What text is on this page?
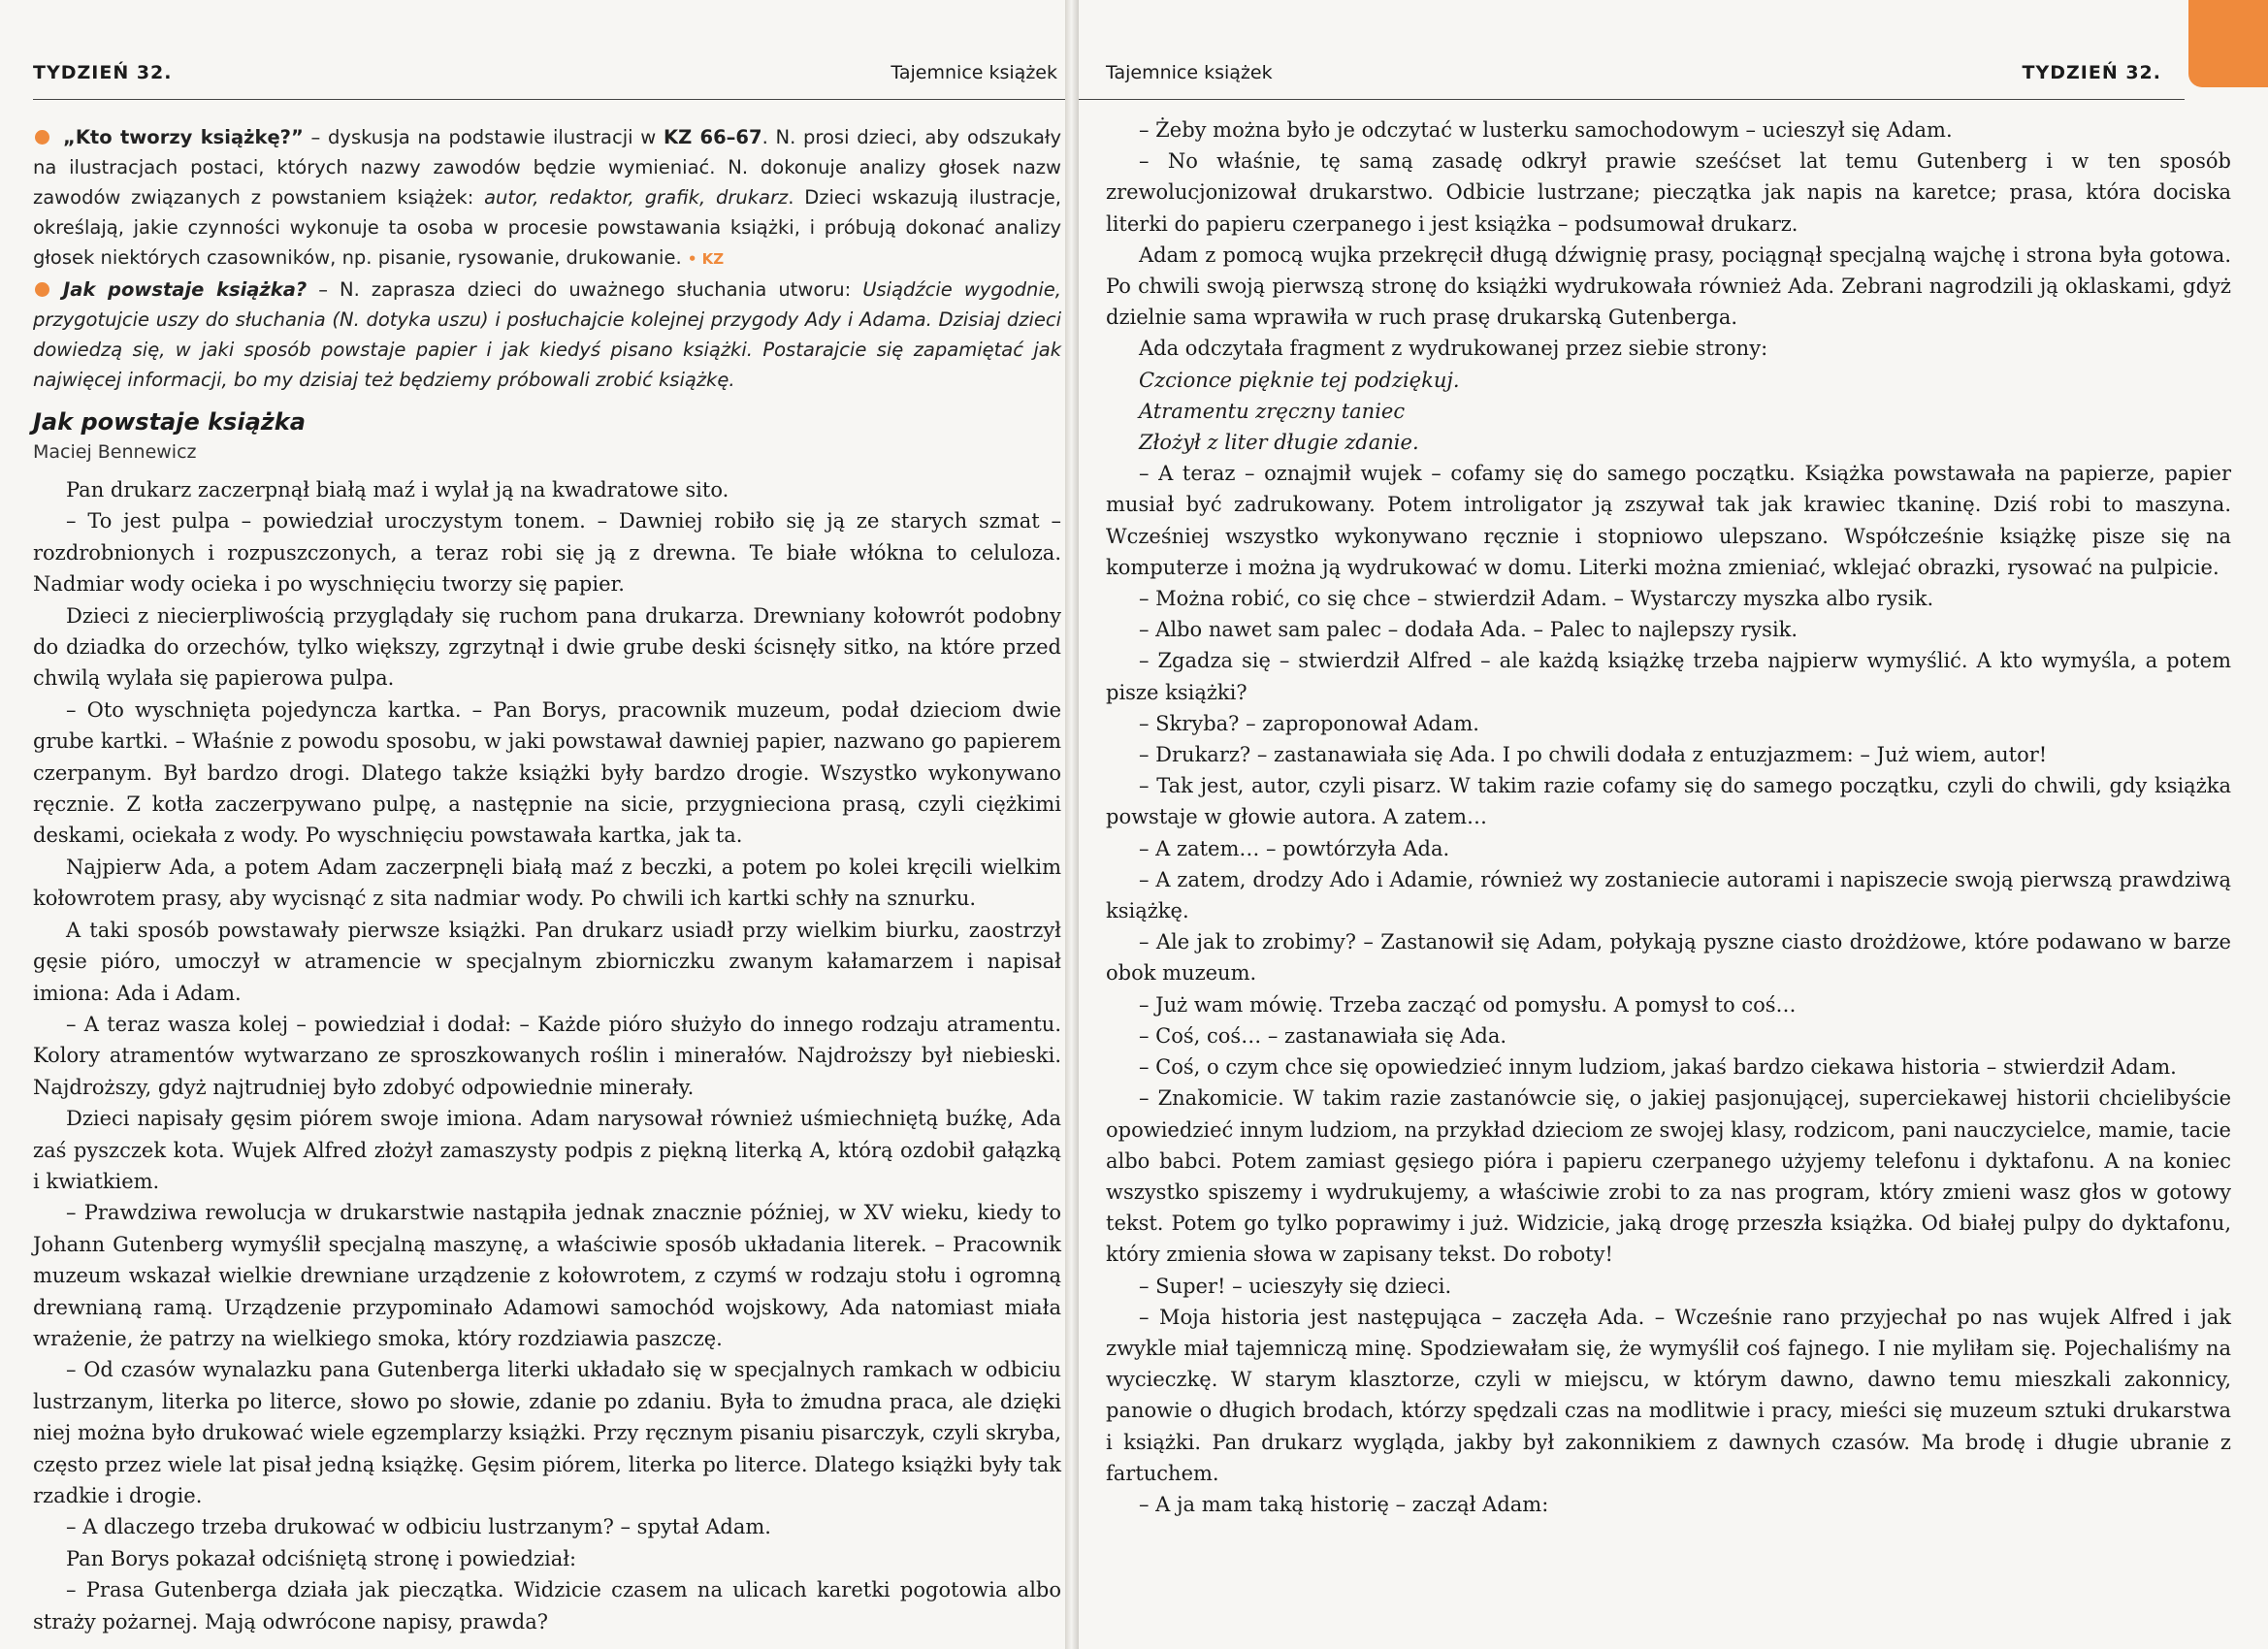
TYDZIEŃ 32.	Tajemnice książek

„Kto tworzy książkę?” – dyskusja na podstawie ilustracji w KZ 66–67. N. prosi dzieci, aby odszukały na ilustracjach postaci, których nazwy zawodów będzie wymieniać. N. dokonuje analizy głosek nazw zawodów związanych z powstaniem książek: autor, redaktor, grafik, drukarz. Dzieci wskazują ilustracje, określają, jakie czynności wykonuje ta osoba w procesie powstawania książki, i próbują dokonać analizy głosek niektórych czasowników, np. pisanie, rysowanie, drukowanie. • KZ

Jak powstaje książka? – N. zaprasza dzieci do uważnego słuchania utworu: Usiądźcie wygodnie, przygotujcie uszy do słuchania (N. dotyka uszu) i posłuchajcie kolejnej przygody Ady i Adama. Dzisiaj dzieci dowiedzą się, w jaki sposób powstaje papier i jak kiedyś pisano książki. Postarajcie się zapamiętać jak najwięcej informacji, bo my dzisiaj też będziemy próbowali zrobić książkę.

Jak powstaje książka
Maciej Bennewicz

Pan drukarz zaczerpnął białą maź i wylał ją na kwadratowe sito.

– To jest pulpa – powiedział uroczystym tonem. – Dawniej robiło się ją ze starych szmat – rozdrobnionych i rozpuszczonych, a teraz robi się ją z drewna. Te białe włókna to celuloza. Nadmiar wody ocieka i po wyschnięciu tworzy się papier.

Dzieci z niecierpliwością przyglądały się ruchom pana drukarza. Drewniany kołowrót podobny do dziadka do orzechów, tylko większy, zgrzytnął i dwie grube deski ścisnęły sitko, na które przed chwilą wylała się papierowa pulpa.

– Oto wyschnięta pojedyncza kartka. – Pan Borys, pracownik muzeum, podał dzieciom dwie grube kartki. – Właśnie z powodu sposobu, w jaki powstawał dawniej papier, nazwano go papierem czerpanym. Był bardzo drogi. Dlatego także książki były bardzo drogie. Wszystko wykonywano ręcznie. Z kotła zaczerpywano pulpę, a następnie na sicie, przygnieciona prasą, czyli ciężkimi deskami, ociekała z wody. Po wyschnięciu powstawała kartka, jak ta.

Najpierw Ada, a potem Adam zaczerpnęli białą maź z beczki, a potem po kolei kręcili wielkim kołowrotem prasy, aby wycisnąć z sita nadmiar wody. Po chwili ich kartki schły na sznurku.

A taki sposób powstawały pierwsze książki. Pan drukarz usiadł przy wielkim biurku, zaostrzył gęsie pióro, umoczył w atramencie w specjalnym zbiorniczku zwanym kałamarzem i napisał imiona: Ada i Adam.

– A teraz wasza kolej – powiedział i dodał: – Każde pióro służyło do innego rodzaju atramentu. Kolory atramentów wytwarzano ze sproszkowanych roślin i minerałów. Najdroższy był niebieski. Najdroższy, gdyż najtrudniej było zdobyć odpowiednie minerały.

Dzieci napisały gęsim piórem swoje imiona. Adam narysował również uśmiechniętą buźkę, Ada zaś pyszczek kota. Wujek Alfred złożył zamaszysty podpis z piękną literką A, którą ozdobił gałązką i kwiatkiem.

– Prawdziwa rewolucja w drukarstwie nastąpiła jednak znacznie później, w XV wieku, kiedy to Johann Gutenberg wymyślił specjalną maszynę, a właściwie sposób układania literek. – Pracownik muzeum wskazał wielkie drewniane urządzenie z kołowrotem, z czymś w rodzaju stołu i ogromną drewnianą ramą. Urządzenie przypominało Adamowi samochód wojskowy, Ada natomiast miała wrażenie, że patrzy na wielkiego smoka, który rozdziawia paszczę.

– Od czasów wynalazku pana Gutenberga literki układało się w specjalnych ramkach w odbiciu lustrzanym, literka po literce, słowo po słowie, zdanie po zdaniu. Była to żmudna praca, ale dzięki niej można było drukować wiele egzemplarzy książki. Przy ręcznym pisaniu pisarczyk, czyli skryba, często przez wiele lat pisał jedną książkę. Gęsim piórem, literka po literce. Dlatego książki były tak rzadkie i drogie.

– A dlaczego trzeba drukować w odbiciu lustrzanym? – spytał Adam.

Pan Borys pokazał odciśniętą stronę i powiedział:

– Prasa Gutenberga działa jak pieczątka. Widzicie czasem na ulicach karetki pogotowia albo straży pożarnej. Mają odwrócone napisy, prawda?

Tajemnice książek	TYDZIEŃ 32.

– Żeby można było je odczytać w lusterku samochodowym – ucieszył się Adam.

– No właśnie, tę samą zasadę odkrył prawie sześćset lat temu Gutenberg i w ten sposób zrewolucjonizował drukarstwo. Odbicie lustrzane; pieczątka jak napis na karetce; prasa, która dociska literki do papieru czerpanego i jest książka – podsumował drukarz.

Adam z pomocą wujka przekręcił długą dźwignię prasy, pociągnął specjalną wajchę i strona była gotowa. Po chwili swoją pierwszą stronę do książki wydrukowała również Ada. Zebrani nagrodzili ją oklaskami, gdyż dzielnie sama wprawiła w ruch prasę drukarską Gutenberga.

Ada odczytała fragment z wydrukowanej przez siebie strony:

Czcionce pięknie tej podziękuj.
Atramentu zręczny taniec
Złożył z liter długie zdanie.

– A teraz – oznajmił wujek – cofamy się do samego początku. Książka powstawała na papierze, papier musiał być zadrukowany. Potem introligator ją zszywał tak jak krawiec tkaninę. Dziś robi to maszyna. Wcześniej wszystko wykonywano ręcznie i stopniowo ulepszano. Współcześnie książkę pisze się na komputerze i można ją wydrukować w domu. Literki można zmieniać, wklejać obrazki, rysować na pulpicie.

– Można robić, co się chce – stwierdził Adam. – Wystarczy myszka albo rysik.

– Albo nawet sam palec – dodała Ada. – Palec to najlepszy rysik.

– Zgadza się – stwierdził Alfred – ale każdą książkę trzeba najpierw wymyślić. A kto wymyśla, a potem pisze książki?

– Skryba? – zaproponował Adam.

– Drukarz? – zastanawiała się Ada. I po chwili dodała z entuzjazmem: – Już wiem, autor!

– Tak jest, autor, czyli pisarz. W takim razie cofamy się do samego początku, czyli do chwili, gdy książka powstaje w głowie autora. A zatem…

– A zatem… – powtórzyła Ada.

– A zatem, drodzy Ado i Adamie, również wy zostaniecie autorami i napiszecie swoją pierwszą prawdziwą książkę.

– Ale jak to zrobimy? – Zastanowił się Adam, połykają pyszne ciasto drożdżowe, które podawano w barze obok muzeum.

– Już wam mówię. Trzeba zacząć od pomysłu. A pomysł to coś…

– Coś, coś… – zastanawiała się Ada.

– Coś, o czym chce się opowiedzieć innym ludziom, jakaś bardzo ciekawa historia – stwierdził Adam.

– Znakomicie. W takim razie zastanówcie się, o jakiej pasjonującej, superciekawej historii chcielibyście opowiedzieć innym ludziom, na przykład dzieciom ze swojej klasy, rodzicom, pani nauczycielce, mamie, tacie albo babci. Potem zamiast gęsiego pióra i papieru czerpanego użyjemy telefonu i dyktafonu. A na koniec wszystko spiszemy i wydrukujemy, a właściwie zrobi to za nas program, który zmieni wasz głos w gotowy tekst. Potem go tylko poprawimy i już. Widzicie, jaką drogę przeszła książka. Od białej pulpy do dyktafonu, który zmienia słowa w zapisany tekst. Do roboty!

– Super! – ucieszyły się dzieci.

– Moja historia jest następująca – zaczęła Ada. – Wcześnie rano przyjechał po nas wujek Alfred i jak zwykle miał tajemniczą minę. Spodziewałam się, że wymyślił coś fajnego. I nie myliłam się. Pojechaliśmy na wycieczkę. W starym klasztorze, czyli w miejscu, w którym dawno, dawno temu mieszkali zakonnicy, panowie o długich brodach, którzy spędzali czas na modlitwie i pracy, mieści się muzeum sztuki drukarstwa i książki. Pan drukarz wygląda, jakby był zakonnikiem z dawnych czasów. Ma brodę i długie ubranie z fartuchem.

– A ja mam taką historię – zaczął Adam:
